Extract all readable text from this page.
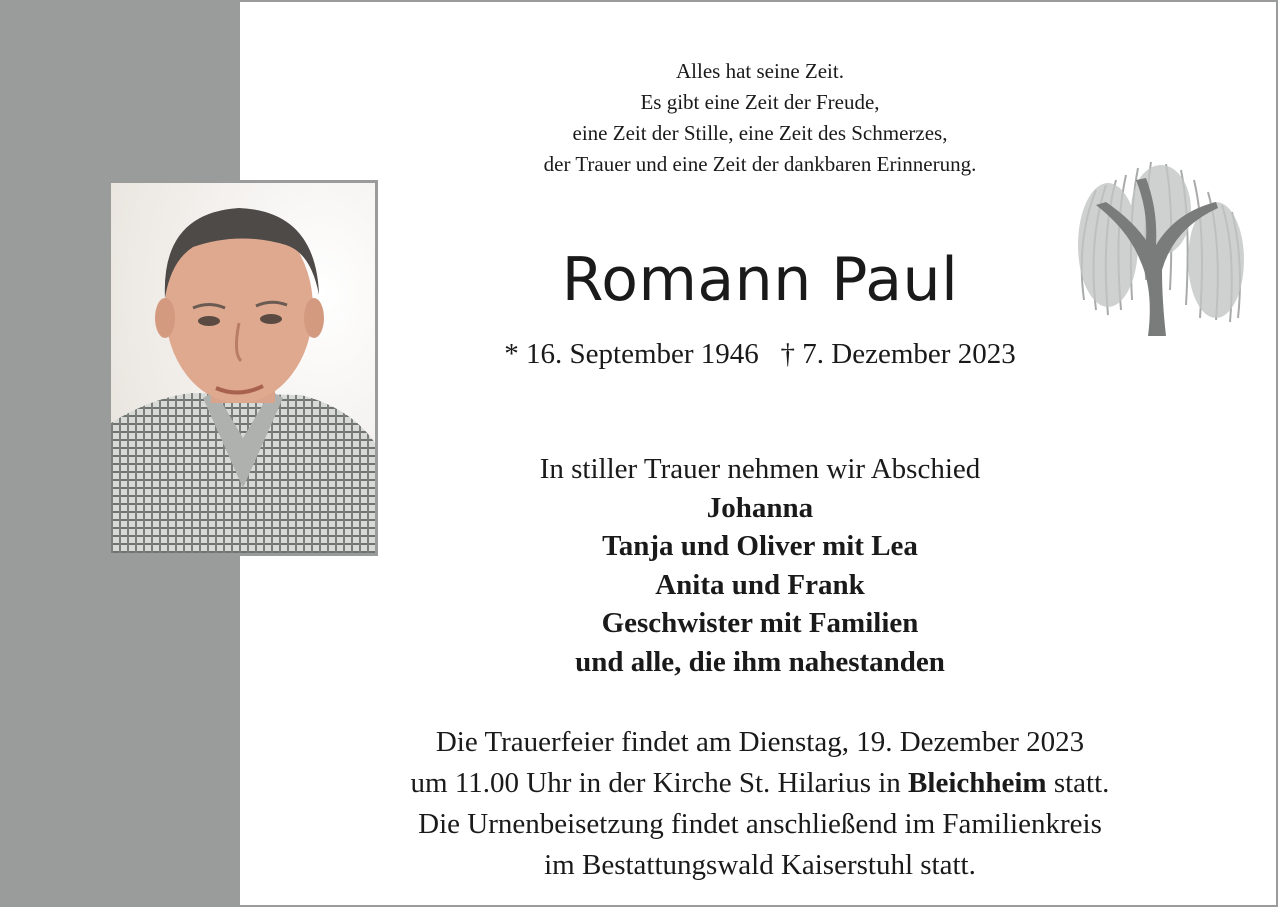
Alles hat seine Zeit.
Es gibt eine Zeit der Freude,
eine Zeit der Stille, eine Zeit des Schmerzes,
der Trauer und eine Zeit der dankbaren Erinnerung.
Romann Paul
* 16. September 1946 † 7. Dezember 2023
In stiller Trauer nehmen wir Abschied
Johanna
Tanja und Oliver mit Lea
Anita und Frank
Geschwister mit Familien
und alle, die ihm nahestanden
Die Trauerfeier findet am Dienstag, 19. Dezember 2023
um 11.00 Uhr in der Kirche St. Hilarius in Bleichheim statt.
Die Urnenbeisetzung findet anschließend im Familienkreis
im Bestattungswald Kaiserstuhl statt.
